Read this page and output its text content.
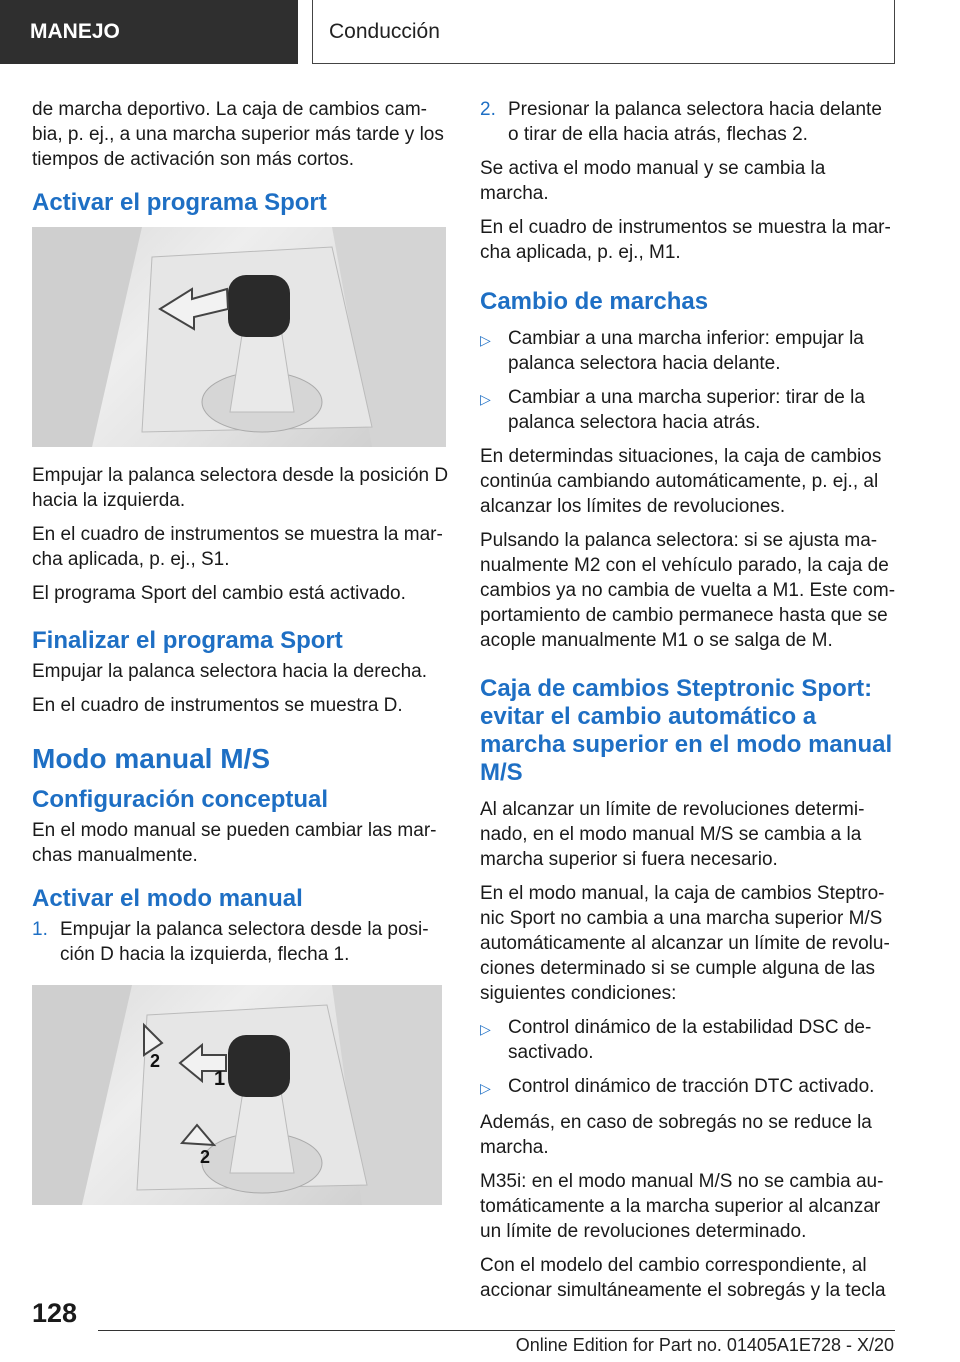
MANEJO	Conducción

de marcha deportivo. La caja de cambios cambia, p. ej., a una marcha superior más tarde y los tiempos de activación son más cortos.

Activar el programa Sport

Empujar la palanca selectora desde la posición D hacia la izquierda.

En el cuadro de instrumentos se muestra la marcha aplicada, p. ej., S1.

El programa Sport del cambio está activado.

Finalizar el programa Sport

Empujar la palanca selectora hacia la derecha.

En el cuadro de instrumentos se muestra D.

Modo manual M/S
Configuración conceptual

En el modo manual se pueden cambiar las marchas manualmente.

Activar el modo manual
1. Empujar la palanca selectora desde la posición D hacia la izquierda, flecha 1.
1
2
2
2. Presionar la palanca selectora hacia delante o tirar de ella hacia atrás, flechas 2.

Se activa el modo manual y se cambia la marcha.

En el cuadro de instrumentos se muestra la marcha aplicada, p. ej., M1.

Cambio de marchas
▷ Cambiar a una marcha inferior: empujar la palanca selectora hacia delante.
▷ Cambiar a una marcha superior: tirar de la palanca selectora hacia atrás.

En determindas situaciones, la caja de cambios continúa cambiando automáticamente, p. ej., al alcanzar los límites de revoluciones.

Pulsando la palanca selectora: si se ajusta manualmente M2 con el vehículo parado, la caja de cambios ya no cambia de vuelta a M1. Este comportamiento de cambio permanece hasta que se acople manualmente M1 o se salga de M.

Caja de cambios Steptronic Sport: evitar el cambio automático a marcha superior en el modo manual M/S

Al alcanzar un límite de revoluciones determinado, en el modo manual M/S se cambia a la marcha superior si fuera necesario.

En el modo manual, la caja de cambios Steptronic Sport no cambia a una marcha superior M/S automáticamente al alcanzar un límite de revoluciones determinado si se cumple alguna de las siguientes condiciones:

▷ Control dinámico de la estabilidad DSC desactivado.
▷ Control dinámico de tracción DTC activado.

Además, en caso de sobregás no se reduce la marcha.

M35i: en el modo manual M/S no se cambia automáticamente a la marcha superior al alcanzar un límite de revoluciones determinado.

Con el modelo del cambio correspondiente, al accionar simultáneamente el sobregás y la tecla

128
Online Edition for Part no. 01405A1E728 - X/20
